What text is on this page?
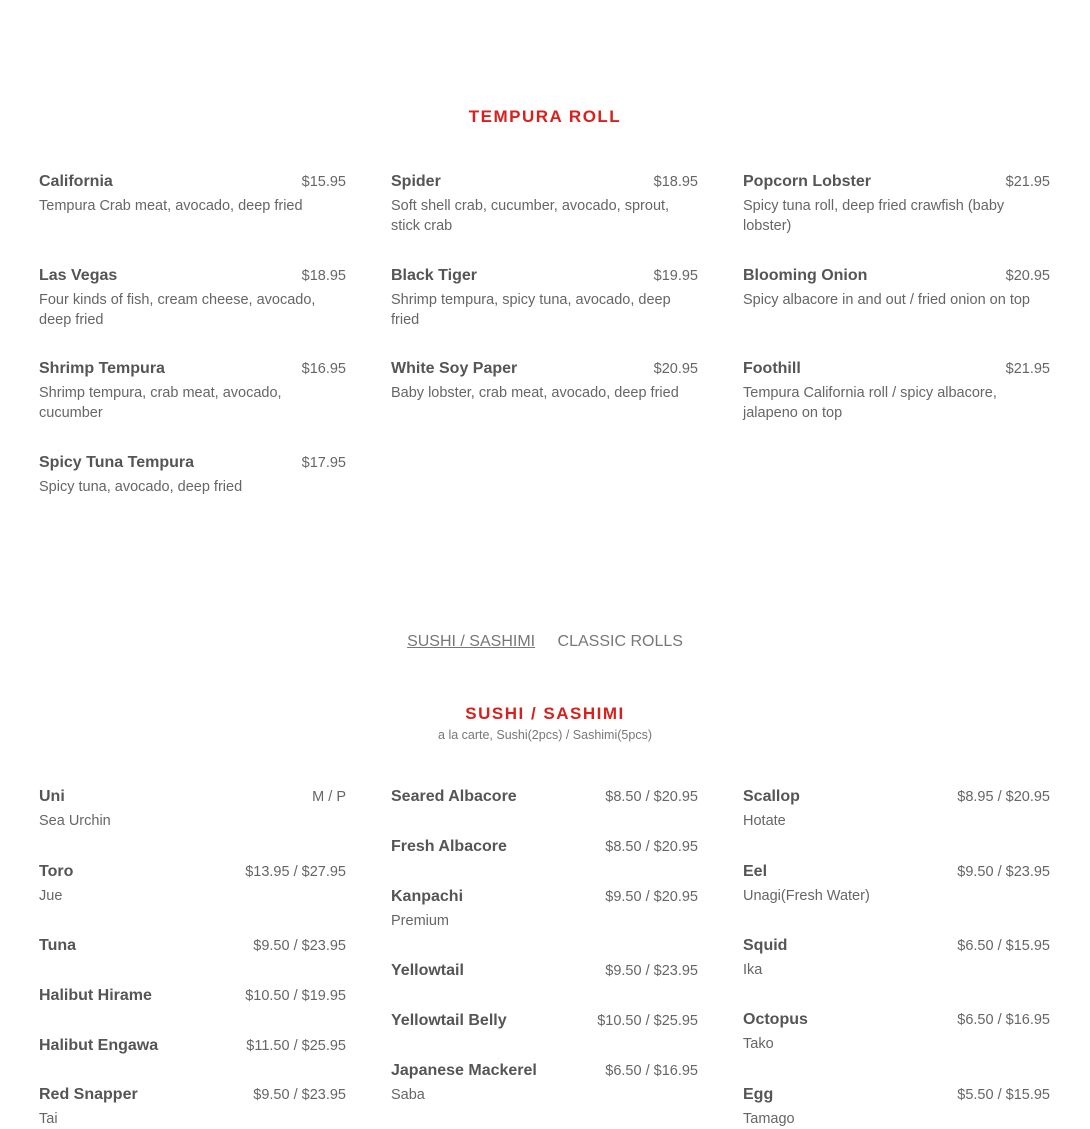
TEMPURA ROLL
California	$15.95
Tempura Crab meat, avocado, deep fried
Las Vegas	$18.95
Four kinds of fish, cream cheese, avocado, deep fried
Shrimp Tempura	$16.95
Shrimp tempura, crab meat, avocado, cucumber
Spicy Tuna Tempura	$17.95
Spicy tuna, avocado, deep fried
Spider	$18.95
Soft shell crab, cucumber, avocado, sprout, stick crab
Black Tiger	$19.95
Shrimp tempura, spicy tuna, avocado, deep fried
White Soy Paper	$20.95
Baby lobster, crab meat, avocado, deep fried
Popcorn Lobster	$21.95
Spicy tuna roll, deep fried crawfish (baby lobster)
Blooming Onion	$20.95
Spicy albacore in and out / fried onion on top
Foothill	$21.95
Tempura California roll / spicy albacore, jalapeno on top
SUSHI / SASHIMI CLASSIC ROLLS
SUSHI / SASHIMI
a la carte, Sushi(2pcs) / Sashimi(5pcs)
Uni	M / P
Sea Urchin
Toro	$13.95 / $27.95
Jue
Tuna	$9.50 / $23.95
Halibut Hirame	$10.50 / $19.95
Halibut Engawa	$11.50 / $25.95
Red Snapper	$9.50 / $23.95
Tai
Seared Albacore	$8.50 / $20.95
Fresh Albacore	$8.50 / $20.95
Kanpachi	$9.50 / $20.95
Premium
Yellowtail	$9.50 / $23.95
Yellowtail Belly	$10.50 / $25.95
Japanese Mackerel	$6.50 / $16.95
Saba
Scallop	$8.95 / $20.95
Hotate
Eel	$9.50 / $23.95
Unagi(Fresh Water)
Squid	$6.50 / $15.95
Ika
Octopus	$6.50 / $16.95
Tako
Egg	$5.50 / $15.95
Tamago
